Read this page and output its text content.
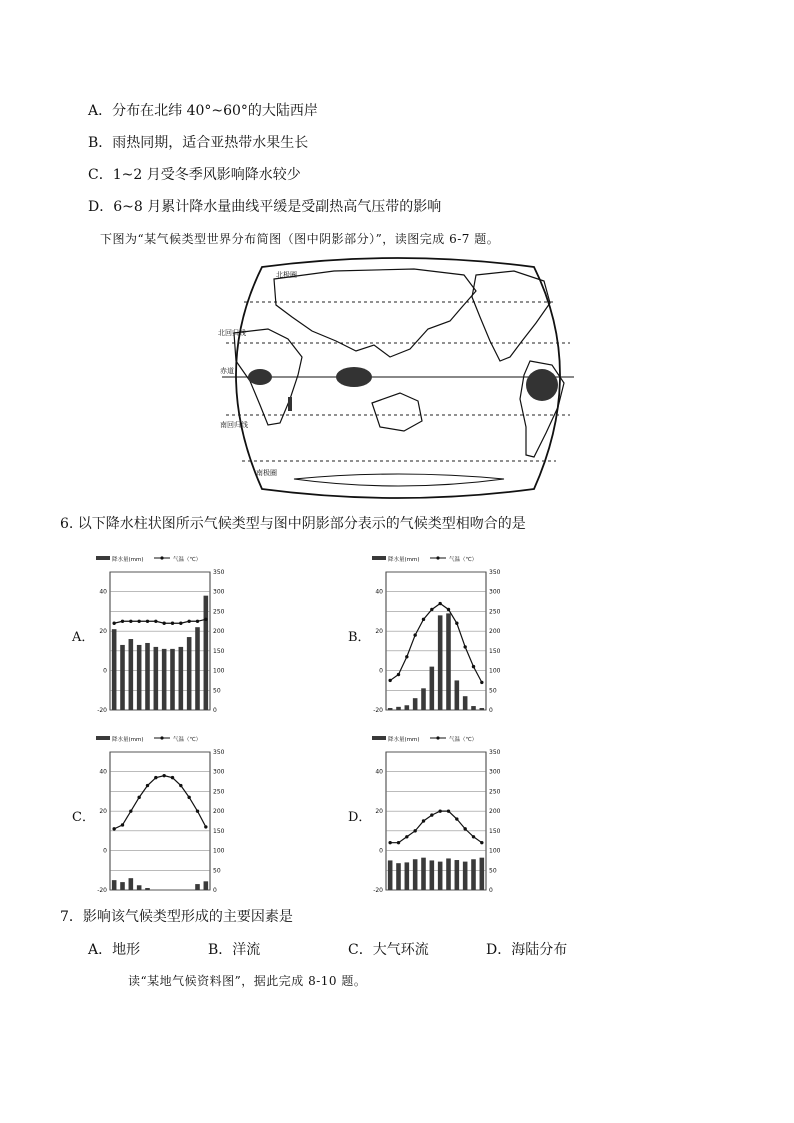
A．分布在北纬 40°~60°的大陆西岸
B．雨热同期，适合亚热带水果生长
C．1~2 月受冬季风影响降水较少
D．6~8 月累计降水量曲线平缓是受副热高气压带的影响
下图为“某气候类型世界分布简图（图中阴影部分）”，读图完成 6-7 题。
北极圈
北回归线
赤道
南回归线
南极圈
6. 以下降水柱状图所示气候类型与图中阴影部分表示的气候类型相吻合的是
A．	B．
C．	D．
降水量(mm)	气温（℃）
350
300
250
200
150
100
50
0
40
20
0
-20
降水量(mm)	气温（℃）
350
300
250
200
150
100
50
0
40
20
0
-20
降水量(mm)	气温（℃）
350
300
250
200
150
100
50
0
40
20
0
-20
降水量(mm)	气温（℃）
350
300
250
200
150
100
50
0
40
20
0
-20
7．影响该气候类型形成的主要因素是
A．地形	B．洋流	C．大气环流	D．海陆分布
读“某地气候资料图”，据此完成 8-10 题。
